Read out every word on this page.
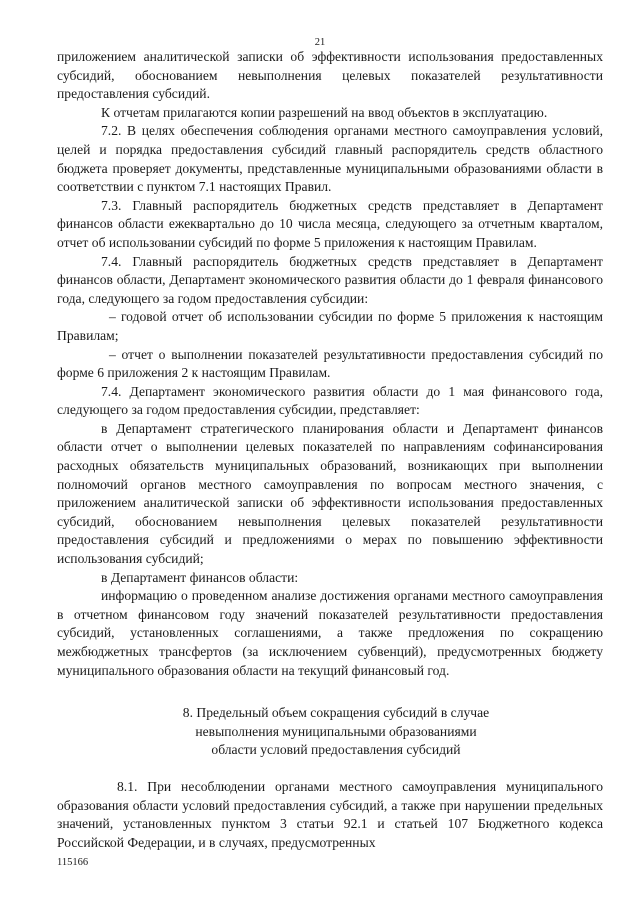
21

приложением аналитической записки об эффективности использования предоставленных субсидий, обоснованием невыполнения целевых показателей результативности предоставления субсидий.

К отчетам прилагаются копии разрешений на ввод объектов в эксплуатацию.

7.2. В целях обеспечения соблюдения органами местного самоуправления условий, целей и порядка предоставления субсидий главный распорядитель средств областного бюджета проверяет документы, представленные муниципальными образованиями области в соответствии с пунктом 7.1 настоящих Правил.

7.3. Главный распорядитель бюджетных средств представляет в Департамент финансов области ежеквартально до 10 числа месяца, следующего за отчетным кварталом, отчет об использовании субсидий по форме 5 приложения к настоящим Правилам.

7.4. Главный распорядитель бюджетных средств представляет в Департамент финансов области, Департамент экономического развития области до 1 февраля финансового года, следующего за годом предоставления субсидии:

– годовой отчет об использовании субсидии по форме 5 приложения к настоящим Правилам;

– отчет о выполнении показателей результативности предоставления субсидий по форме 6 приложения 2 к настоящим Правилам.

7.4. Департамент экономического развития области до 1 мая финансового года, следующего за годом предоставления субсидии, представляет:

в Департамент стратегического планирования области и Департамент финансов области отчет о выполнении целевых показателей по направлениям софинансирования расходных обязательств муниципальных образований, возникающих при выполнении полномочий органов местного самоуправления по вопросам местного значения, с приложением аналитической записки об эффективности использования предоставленных субсидий, обоснованием невыполнения целевых показателей результативности предоставления субсидий и предложениями о мерах по повышению эффективности использования субсидий;

в Департамент финансов области:

информацию о проведенном анализе достижения органами местного самоуправления в отчетном финансовом году значений показателей результативности предоставления субсидий, установленных соглашениями, а также предложения по сокращению межбюджетных трансфертов (за исключением субвенций), предусмотренных бюджету муниципального образования области на текущий финансовый год.

8. Предельный объем сокращения субсидий в случае
невыполнения муниципальными образованиями
области условий предоставления субсидий

8.1. При несоблюдении органами местного самоуправления муниципального образования области условий предоставления субсидий, а также при нарушении предельных значений, установленных пунктом 3 статьи 92.1 и статьей 107 Бюджетного кодекса Российской Федерации, и в случаях, предусмотренных

115166
